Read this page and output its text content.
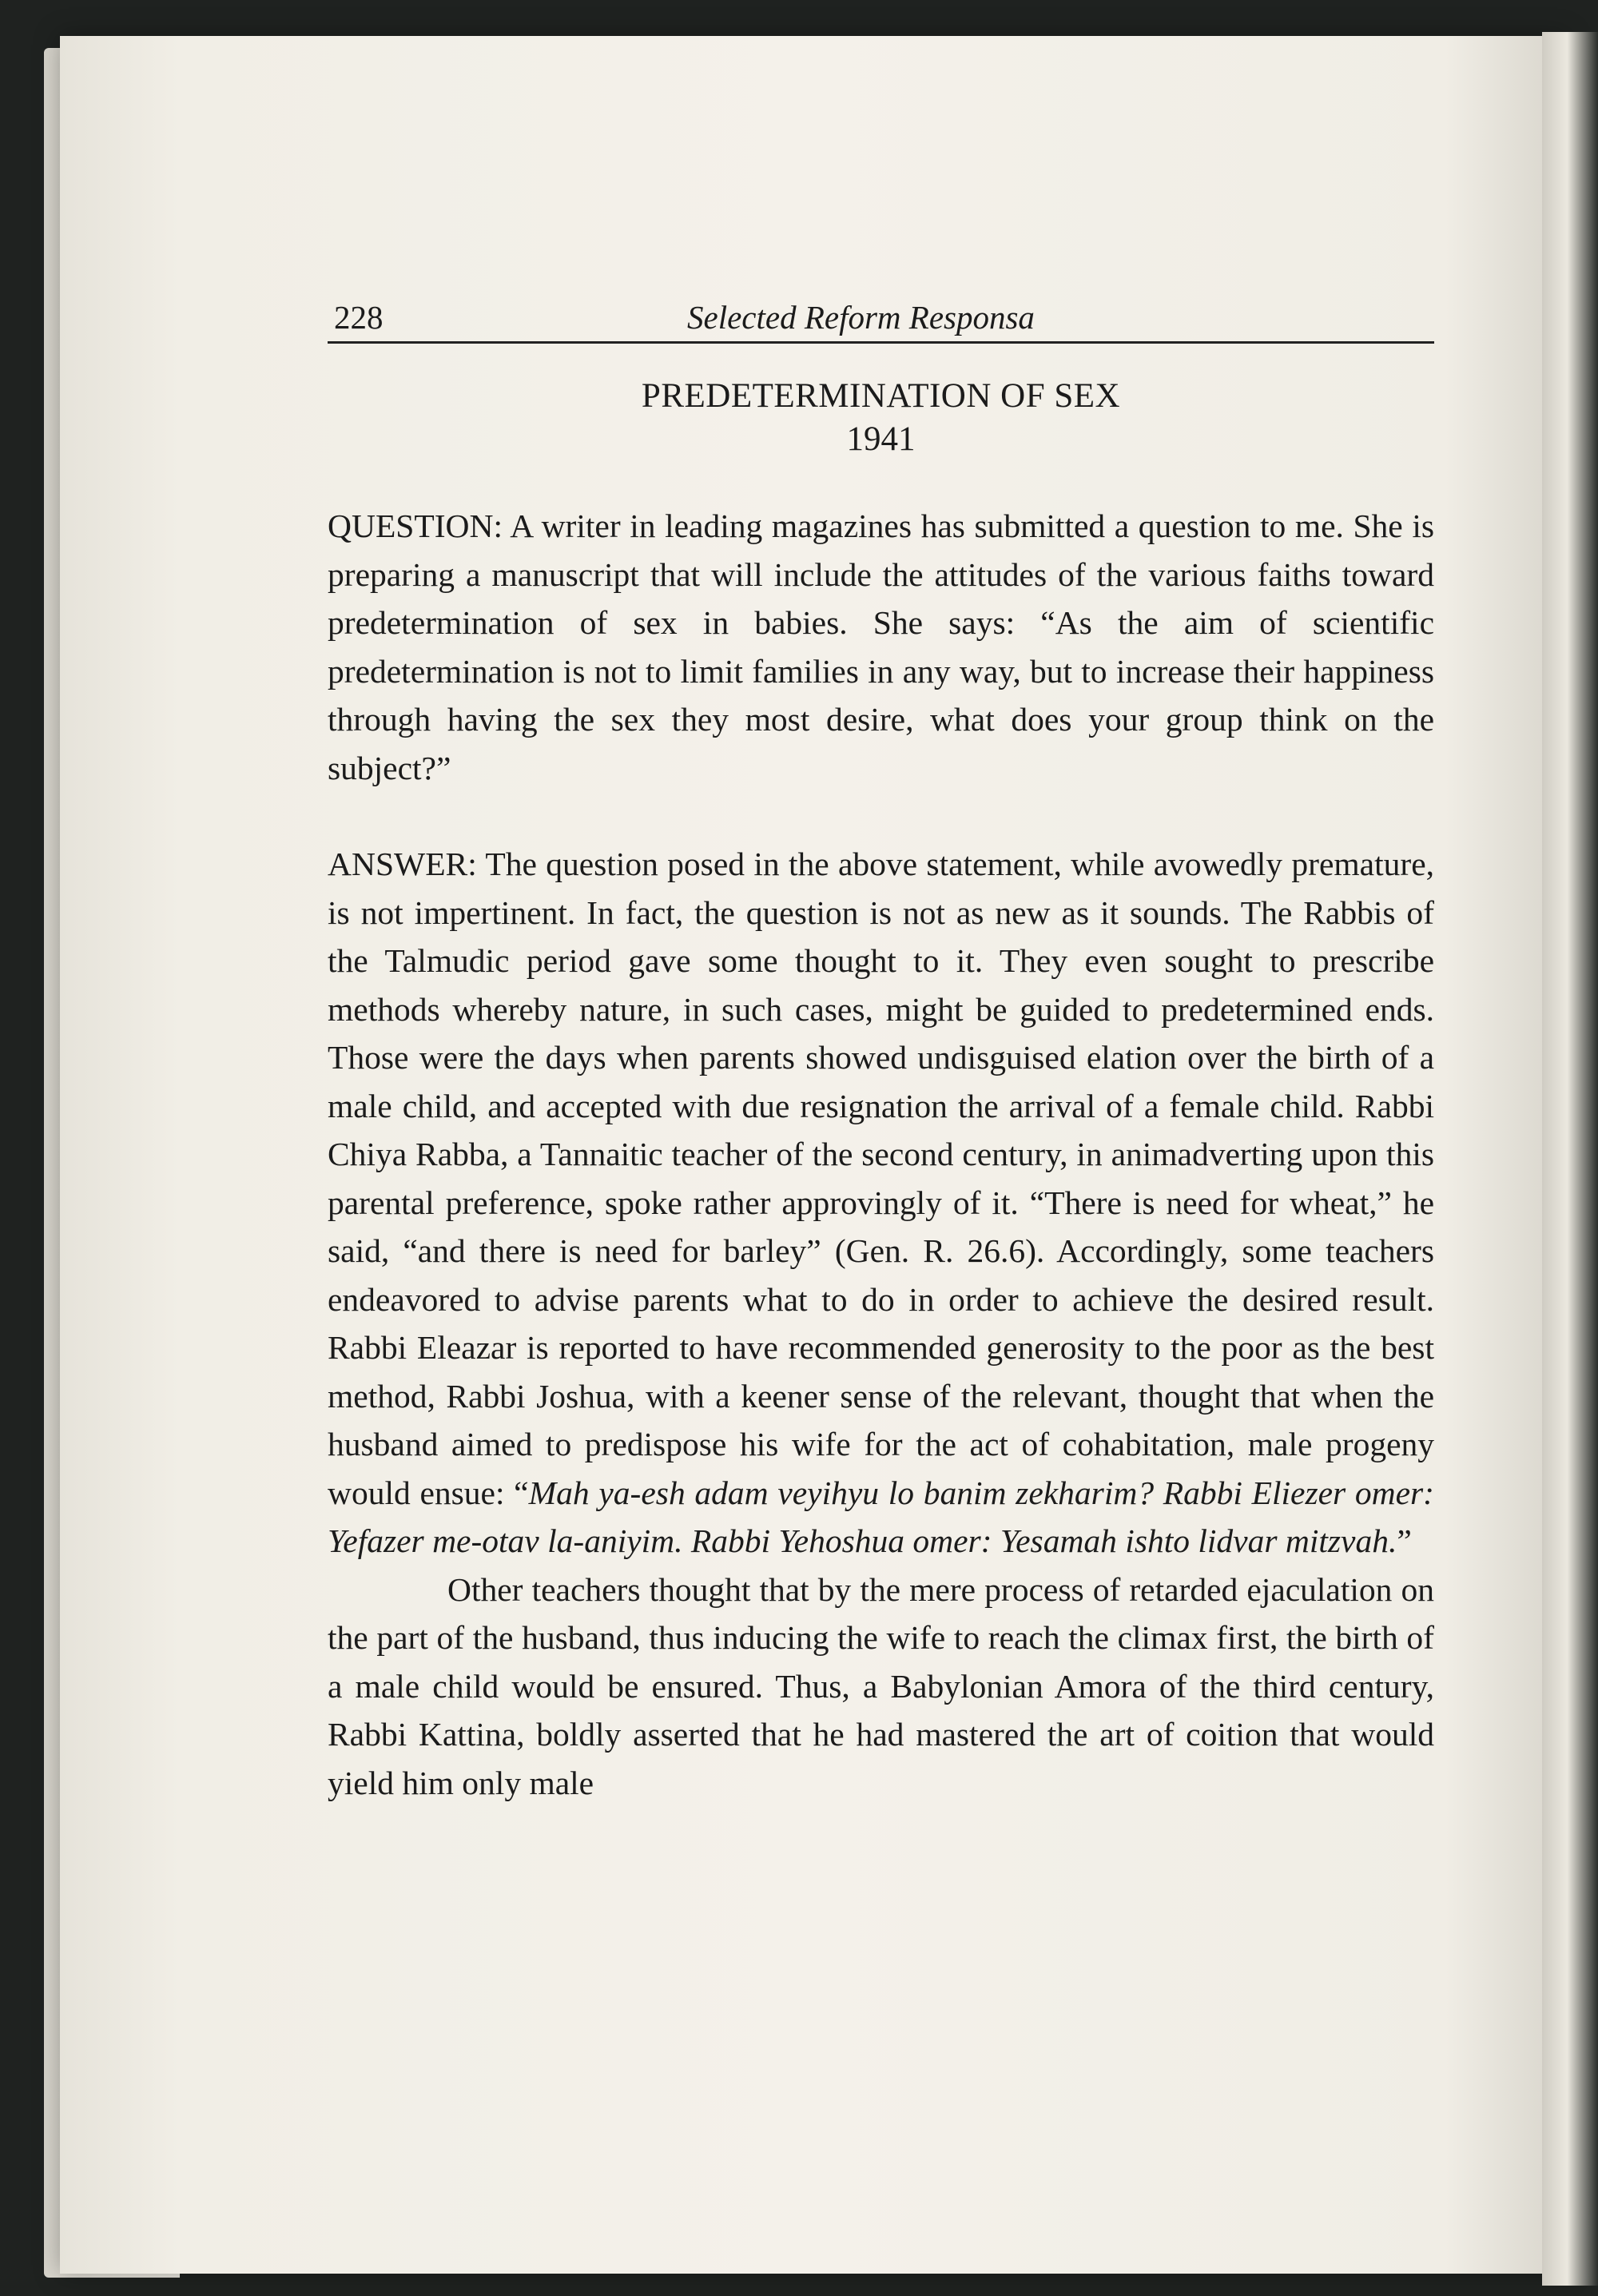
228	Selected Reform Responsa
PREDETERMINATION OF SEX
1941

QUESTION: A writer in leading magazines has submitted a question to me. She is preparing a manuscript that will include the attitudes of the various faiths toward predetermination of sex in babies. She says: “As the aim of scientific predetermination is not to limit families in any way, but to increase their happiness through having the sex they most desire, what does your group think on the subject?”

ANSWER: The question posed in the above statement, while avowedly premature, is not impertinent. In fact, the question is not as new as it sounds. The Rabbis of the Talmudic period gave some thought to it. They even sought to prescribe methods whereby nature, in such cases, might be guided to predetermined ends. Those were the days when parents showed undisguised elation over the birth of a male child, and accepted with due resignation the arrival of a female child. Rabbi Chiya Rabba, a Tannaitic teacher of the second century, in animadverting upon this parental preference, spoke rather approvingly of it. “There is need for wheat,” he said, “and there is need for barley” (Gen. R. 26.6). Accordingly, some teachers endeavored to advise parents what to do in order to achieve the desired result. Rabbi Eleazar is reported to have recommended generosity to the poor as the best method, Rabbi Joshua, with a keener sense of the relevant, thought that when the husband aimed to predispose his wife for the act of cohabitation, male progeny would ensue: “Mah ya-esh adam veyihyu lo banim zekharim? Rabbi Eliezer omer: Yefazer me-otav la-aniyim. Rabbi Yehoshua omer: Yesamah ishto lidvar mitzvah.”

Other teachers thought that by the mere process of retarded ejaculation on the part of the husband, thus inducing the wife to reach the climax first, the birth of a male child would be ensured. Thus, a Babylonian Amora of the third century, Rabbi Kattina, boldly asserted that he had mastered the art of coition that would yield him only male
